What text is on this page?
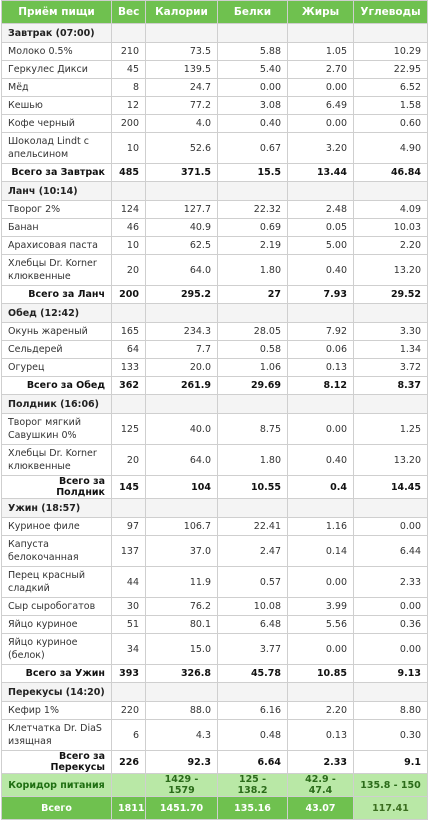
Приём пищи	Вес	Калории	Белки	Жиры	Углеводы
Завтрак (07:00)					
Молоко 0.5%	210	73.5	5.88	1.05	10.29
Геркулес Дикси	45	139.5	5.40	2.70	22.95
Мёд	8	24.7	0.00	0.00	6.52
Кешью	12	77.2	3.08	6.49	1.58
Кофе черный	200	4.0	0.40	0.00	0.60
Шоколад Lindt с апельсином	10	52.6	0.67	3.20	4.90
Всего за Завтрак	485	371.5	15.5	13.44	46.84
Ланч (10:14)					
Творог 2%	124	127.7	22.32	2.48	4.09
Банан	46	40.9	0.69	0.05	10.03
Арахисовая паста	10	62.5	2.19	5.00	2.20
Хлебцы Dr. Korner клюквенные	20	64.0	1.80	0.40	13.20
Всего за Ланч	200	295.2	27	7.93	29.52
Обед (12:42)					
Окунь жареный	165	234.3	28.05	7.92	3.30
Сельдерей	64	7.7	0.58	0.06	1.34
Огурец	133	20.0	1.06	0.13	3.72
Всего за Обед	362	261.9	29.69	8.12	8.37
Полдник (16:06)					
Творог мягкий Савушкин 0%	125	40.0	8.75	0.00	1.25
Хлебцы Dr. Korner клюквенные	20	64.0	1.80	0.40	13.20
Всего за Полдник	145	104	10.55	0.4	14.45
Ужин (18:57)					
Куриное филе	97	106.7	22.41	1.16	0.00
Капуста белокочанная	137	37.0	2.47	0.14	6.44
Перец красный сладкий	44	11.9	0.57	0.00	2.33
Сыр сыробогатов	30	76.2	10.08	3.99	0.00
Яйцо куриное	51	80.1	6.48	5.56	0.36
Яйцо куриное (белок)	34	15.0	3.77	0.00	0.00
Всего за Ужин	393	326.8	45.78	10.85	9.13
Перекусы (14:20)					
Кефир 1%	220	88.0	6.16	2.20	8.80
Клетчатка Dr. DiaS изящная	6	4.3	0.48	0.13	0.30
Всего за Перекусы	226	92.3	6.64	2.33	9.1
Коридор питания		1429 - 1579	125 - 138.2	42.9 - 47.4	135.8 - 150
Всего	1811	1451.70	135.16	43.07	117.41
